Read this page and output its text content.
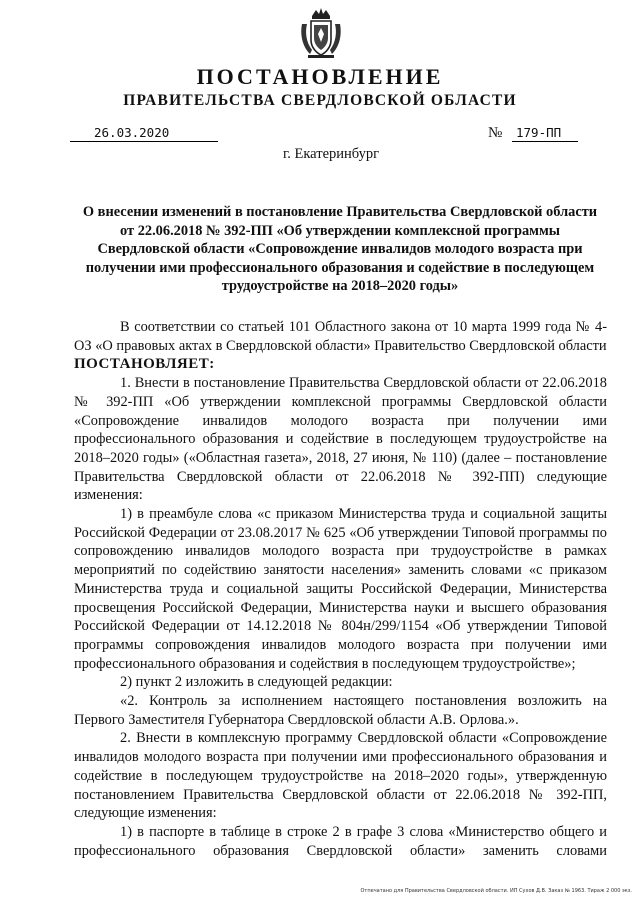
ПОСТАНОВЛЕНИЕ
ПРАВИТЕЛЬСТВА СВЕРДЛОВСКОЙ ОБЛАСТИ
26.03.2020	№	179-ПП
г. Екатеринбург
О внесении изменений в постановление Правительства Свердловской области
от 22.06.2018 № 392-ПП «Об утверждении комплексной программы
Свердловской области «Сопровождение инвалидов молодого возраста при
получении ими профессионального образования и содействие в последующем
трудоустройстве на 2018–2020 годы»
В соответствии со статьей 101 Областного закона от 10 марта 1999 года № 4-ОЗ «О правовых актах в Свердловской области» Правительство Свердловской области
ПОСТАНОВЛЯЕТ:
1. Внести в постановление Правительства Свердловской области от 22.06.2018 № 392-ПП «Об утверждении комплексной программы Свердловской области «Сопровождение инвалидов молодого возраста при получении ими профессионального образования и содействие в последующем трудоустройстве на 2018–2020 годы» («Областная газета», 2018, 27 июня, № 110) (далее – постановление Правительства Свердловской области от 22.06.2018 № 392-ПП) следующие изменения:
1) в преамбуле слова «с приказом Министерства труда и социальной защиты Российской Федерации от 23.08.2017 № 625 «Об утверждении Типовой программы по сопровождению инвалидов молодого возраста при трудоустройстве в рамках мероприятий по содействию занятости населения» заменить словами «с приказом Министерства труда и социальной защиты Российской Федерации, Министерства просвещения Российской Федерации, Министерства науки и высшего образования Российской Федерации от 14.12.2018 № 804н/299/1154 «Об утверждении Типовой программы сопровождения инвалидов молодого возраста при получении ими профессионального образования и содействия в последующем трудоустройстве»;
2) пункт 2 изложить в следующей редакции:
«2. Контроль за исполнением настоящего постановления возложить на Первого Заместителя Губернатора Свердловской области А.В. Орлова.».
2. Внести в комплексную программу Свердловской области «Сопровождение инвалидов молодого возраста при получении ими профессионального образования и содействие в последующем трудоустройстве на 2018–2020 годы», утвержденную постановлением Правительства Свердловской области от 22.06.2018 № 392-ПП, следующие изменения:
1) в паспорте в таблице в строке 2 в графе 3 слова «Министерство общего и профессионального образования Свердловской области» заменить словами
Отпечатано для Правительства Свердловской области. ИП Сухов Д.В. Заказ № 1963. Тираж 2 000 экз.
